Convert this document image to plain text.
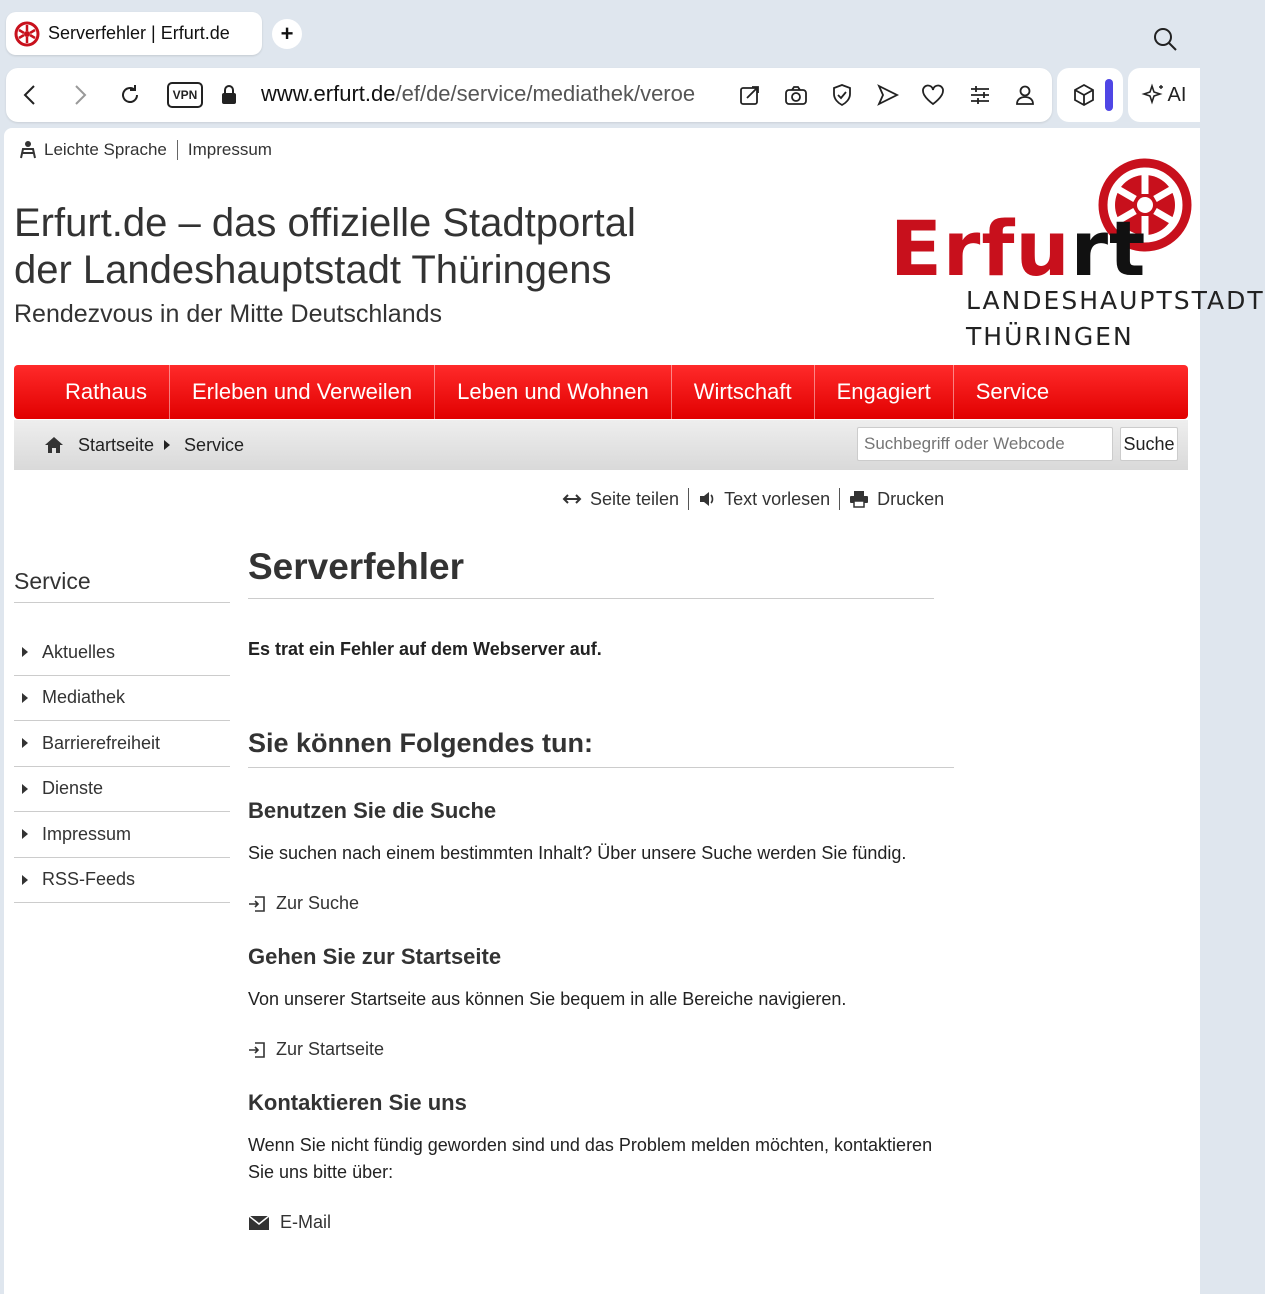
Serverfehler | Erfurt.de	+
VPN	www.erfurt.de/ef/de/service/mediathek/veroe	AI
Leichte Sprache Impressum
Erfurt.de – das offizielle Stadtportal
der Landeshauptstadt Thüringens
Rendezvous in der Mitte Deutschlands
Erfurt
LANDESHAUPTSTADT
THÜRINGEN
Rathaus	Erleben und Verweilen	Leben und Wohnen	Wirtschaft	Engagiert	Service
Startseite Service
Suchbegriff oder Webcode	Suche
Seite teilen	Text vorlesen	Drucken
Service
Aktuelles
Mediathek
Barrierefreiheit
Dienste
Impressum
RSS-Feeds
Serverfehler

Es trat ein Fehler auf dem Webserver auf.

Sie können Folgendes tun:
Benutzen Sie die Suche

Sie suchen nach einem bestimmten Inhalt? Über unsere Suche werden Sie fündig.

Zur Suche
Gehen Sie zur Startseite

Von unserer Startseite aus können Sie bequem in alle Bereiche navigieren.

Zur Startseite
Kontaktieren Sie uns

Wenn Sie nicht fündig geworden sind und das Problem melden möchten, kontaktieren Sie uns bitte über:

E-Mail
